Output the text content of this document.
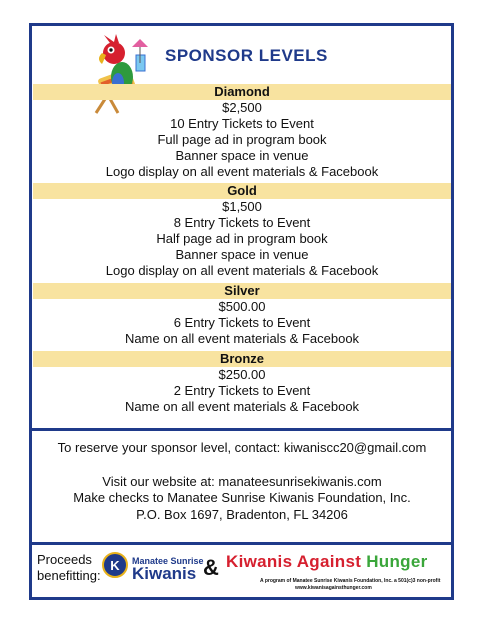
SPONSOR LEVELS
Diamond
$2,500
10 Entry Tickets to Event
Full page ad in program book
Banner space in venue
Logo display on all event materials & Facebook
Gold
$1,500
8 Entry Tickets to Event
Half page ad in program book
Banner space in venue
Logo display on all event materials & Facebook
Silver
$500.00
6 Entry Tickets to Event
Name on all event materials & Facebook
Bronze
$250.00
2 Entry Tickets to Event
Name on all event materials & Facebook
To reserve your sponsor level, contact: kiwaniscc20@gmail.com
Visit our website at: manateesunrisekiwanis.com
Make checks to Manatee Sunrise Kiwanis Foundation, Inc.
P.O. Box 1697, Bradenton, FL 34206
Proceeds
benefitting:
K	Manatee Sunrise
Kiwanis & Kiwanis Against Hunger
A program of Manatee Sunrise Kiwanis Foundation, Inc. a 501(c)3 non-profit
www.kiwanisagainsthunger.com
